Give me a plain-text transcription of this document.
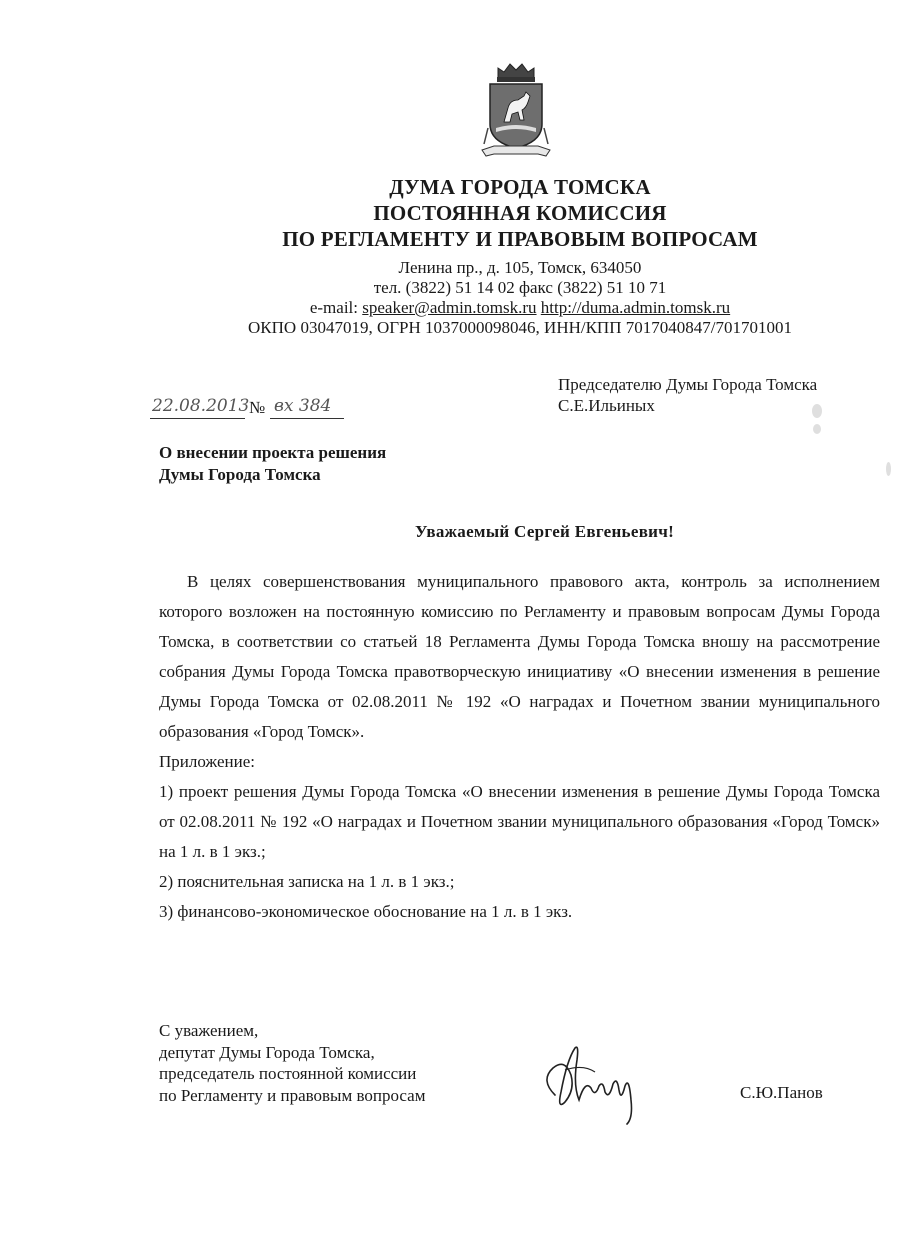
ДУМА ГОРОДА ТОМСКА
ПОСТОЯННАЯ КОМИССИЯ
ПО РЕГЛАМЕНТУ И ПРАВОВЫМ ВОПРОСАМ
Ленина пр., д. 105, Томск, 634050
тел. (3822) 51 14 02 факс (3822) 51 10 71
e-mail: speaker@admin.tomsk.ru http://duma.admin.tomsk.ru
ОКПО 03047019, ОГРН 1037000098046, ИНН/КПП 7017040847/701701001
Председателю Думы Города Томска
С.Е.Ильиных
22.08.2013 № вх 384
О внесении проекта решения
Думы Города Томска
Уважаемый Сергей Евгеньевич!

В целях совершенствования муниципального правового акта, контроль за исполнением которого возложен на постоянную комиссию по Регламенту и правовым вопросам Думы Города Томска, в соответствии со статьей 18 Регламента Думы Города Томска вношу на рассмотрение собрания Думы Города Томска правотворческую инициативу «О внесении изменения в решение Думы Города Томска от 02.08.2011 № 192 «О наградах и Почетном звании муниципального образования «Город Томск».

Приложение:

1) проект решения Думы Города Томска «О внесении изменения в решение Думы Города Томска от 02.08.2011 № 192 «О наградах и Почетном звании муниципального образования «Город Томск» на 1 л. в 1 экз.;

2) пояснительная записка на 1 л. в 1 экз.;

3) финансово-экономическое обоснование на 1 л. в 1 экз.

С уважением,
депутат Думы Города Томска,
председатель постоянной комиссии
по Регламенту и правовым вопросам	С.Ю.Панов
